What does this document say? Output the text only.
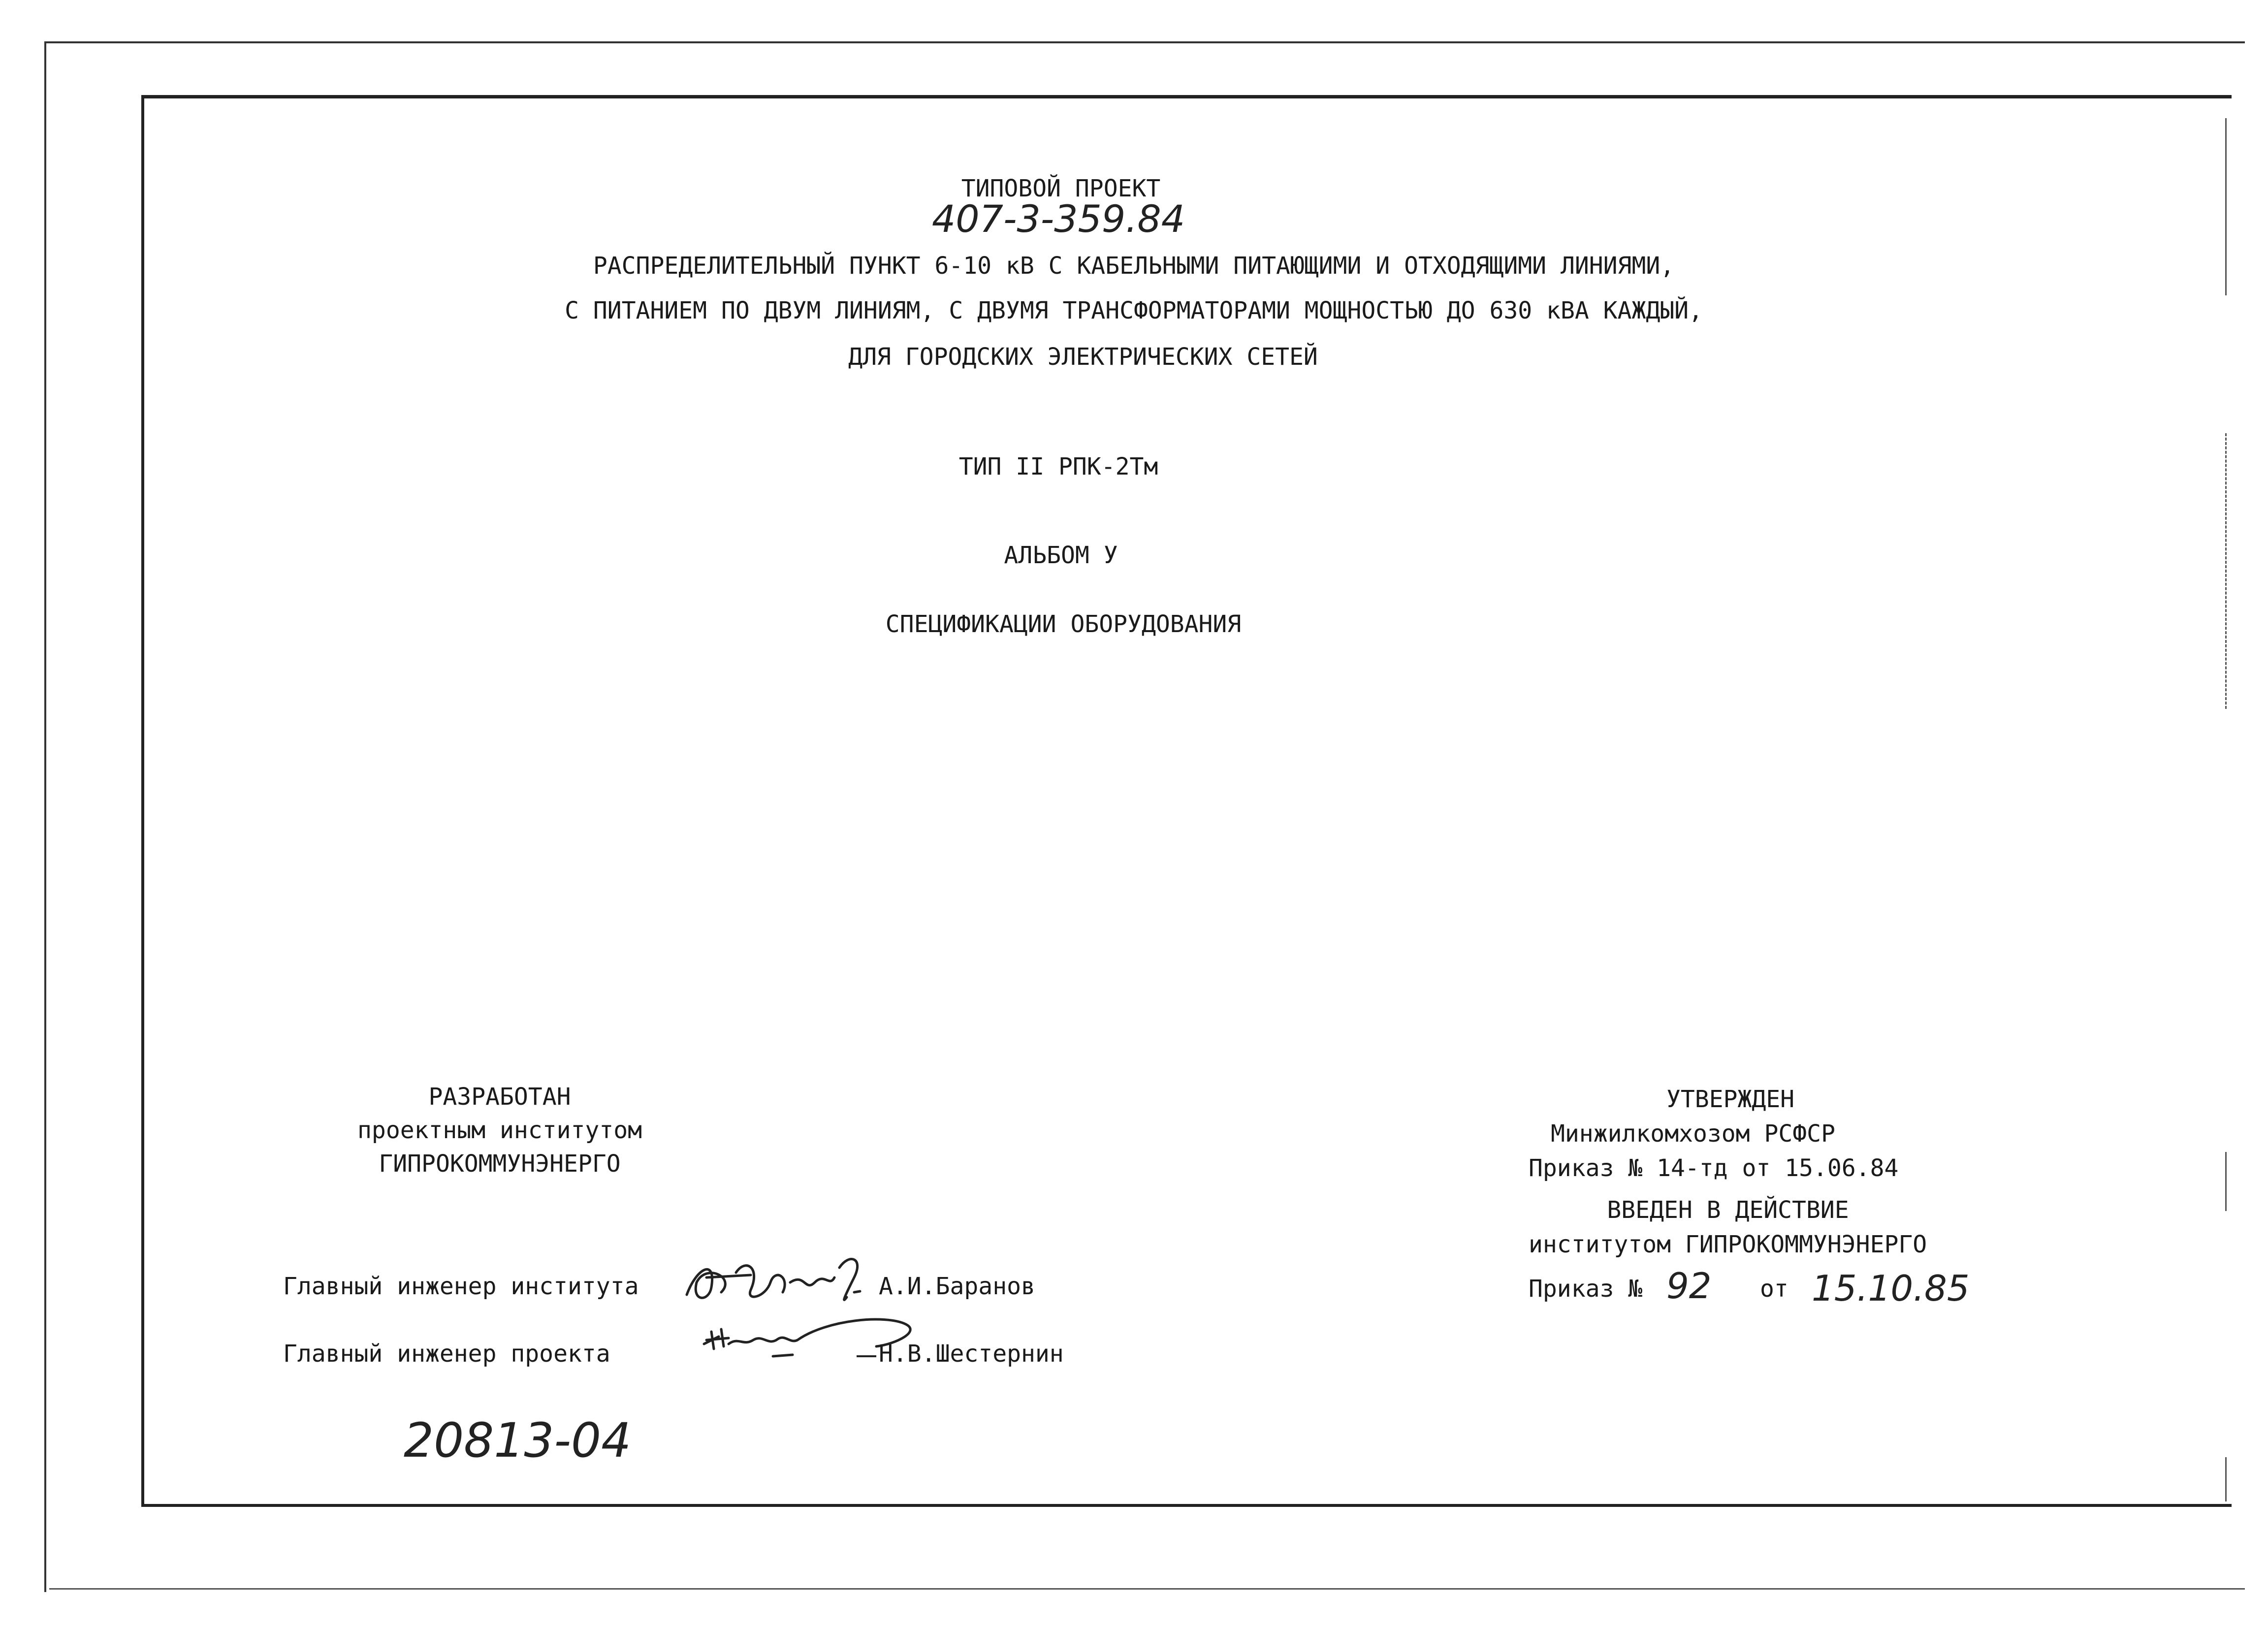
ТИПОВОЙ ПРОЕКТ
407-3-359.84
РАСПРЕДЕЛИТЕЛЬНЫЙ ПУНКТ 6-10 кВ С КАБЕЛЬНЫМИ ПИТАЮЩИМИ И ОТХОДЯЩИМИ ЛИНИЯМИ,
С ПИТАНИЕМ ПО ДВУМ ЛИНИЯМ, С ДВУМЯ ТРАНСФОРМАТОРАМИ МОЩНОСТЬЮ ДО 630 кВА КАЖДЫЙ,
ДЛЯ ГОРОДСКИХ ЭЛЕКТРИЧЕСКИХ СЕТЕЙ
ТИП II РПК-2Тм
АЛЬБОМ У
СПЕЦИФИКАЦИИ ОБОРУДОВАНИЯ
РАЗРАБОТАН
проектным институтом
ГИПРОКОММУНЭНЕРГО
Главный инженер института	А.И.Баранов
Главный инженер проекта	Н.В.Шестернин
20813-04
УТВЕРЖДЕН
Минжилкомхозом РСФСР
Приказ № 14-тд от 15.06.84
ВВЕДЕН В ДЕЙСТВИЕ
институтом ГИПРОКОММУНЭНЕРГО
Приказ № 92 от 15.10.85
